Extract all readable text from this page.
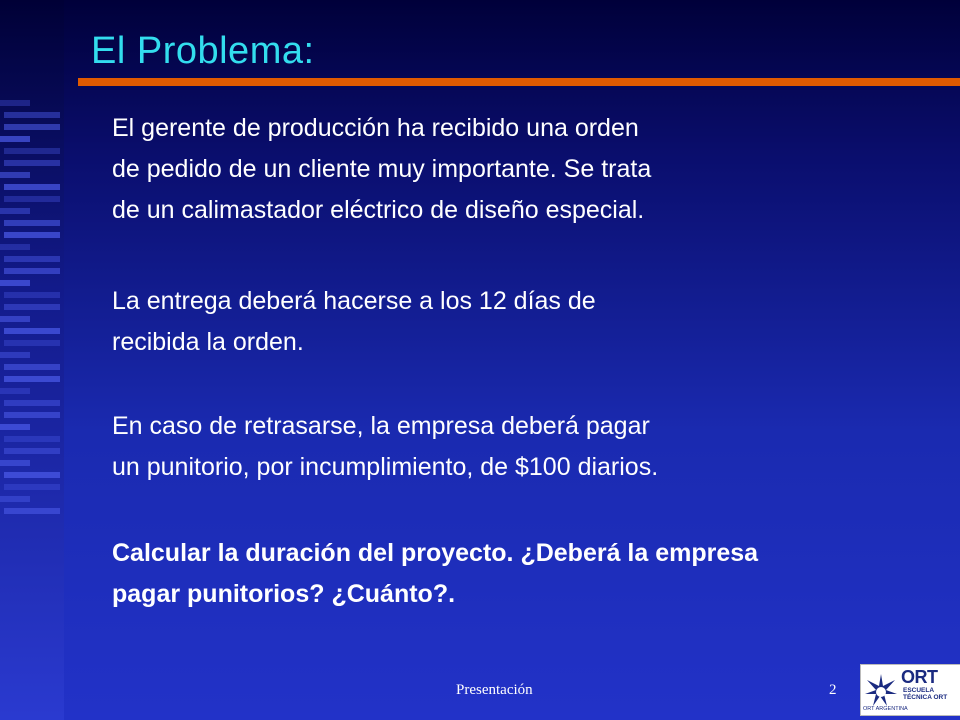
El Problema:

El gerente de producción ha recibido una orden

de pedido de un cliente muy importante. Se trata

de un calimastador eléctrico de diseño especial.

La entrega deberá hacerse a los 12 días de

recibida la orden.

En caso de retrasarse, la empresa deberá pagar

un punitorio, por incumplimiento, de $100 diarios.

Calcular la duración del proyecto. ¿Deberá la empresa

pagar punitorios? ¿Cuánto?.

Presentación	2
ORT
ESCUELA
TÉCNICA ORT
ORT ARGENTINA
